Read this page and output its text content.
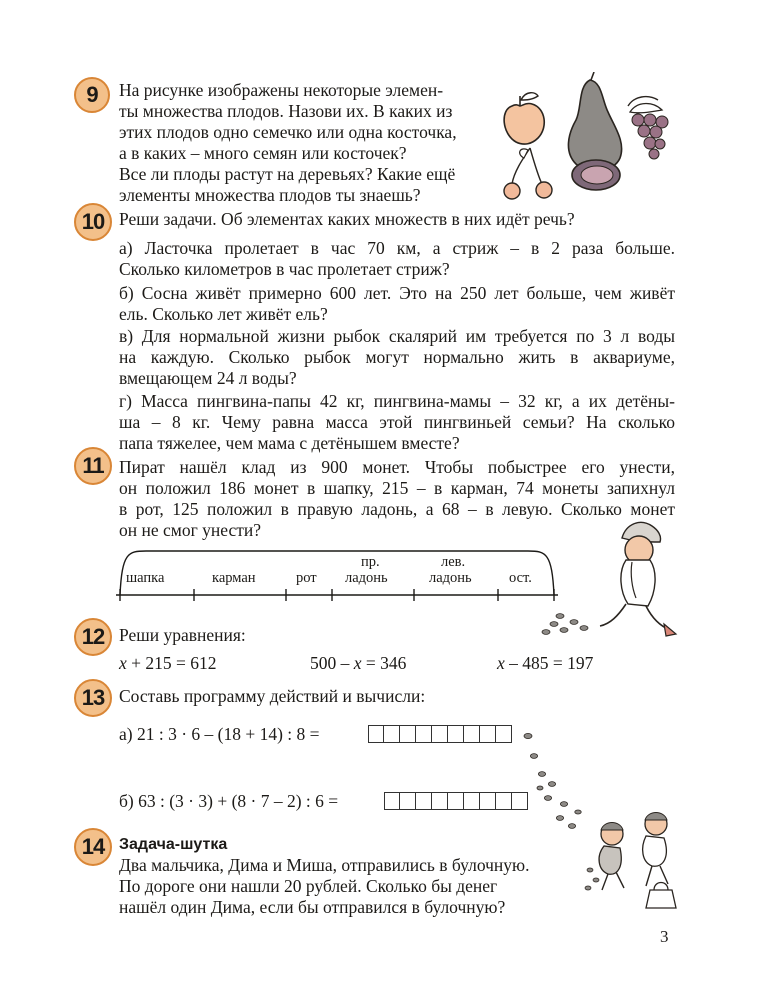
9	На рисунке изображены некоторые элемен-
ты множества плодов. Назови их. В каких из
этих плодов одно семечко или одна косточка,
а в каких – много семян или косточек?
Все ли плоды растут на деревьях? Какие ещё
элементы множества плодов ты знаешь?
10 Реши задачи. Об элементах каких множеств в них идёт речь?
а) Ласточка пролетает в час 70 км, а стриж – в 2 раза больше.
Сколько километров в час пролетает стриж?
б) Сосна живёт примерно 600 лет. Это на 250 лет больше, чем живёт
ель. Сколько лет живёт ель?
в) Для нормальной жизни рыбок скалярий им требуется по 3 л воды
на каждую. Сколько рыбок могут нормально жить в аквариуме,
вмещающем 24 л воды?
г) Масса пингвина-папы 42 кг, пингвина-мамы – 32 кг, а их детёны-
ша – 8 кг. Чему равна масса этой пингвиньей семьи? На сколько
папа тяжелее, чем мама с детёнышем вместе?
11 Пират нашёл клад из 900 монет. Чтобы побыстрее его унести,
он положил 186 монет в шапку, 215 – в карман, 74 монеты запихнул
в рот, 125 положил в правую ладонь, а 68 – в левую. Сколько монет
он не смог унести?
шапка	карман	рот
пр.
ладонь
лев.
ладонь	ост.
12 Реши уравнения:
x + 215 = 612	500 – x = 346	x – 485 = 197
13 Составь программу действий и вычисли:
а) 21 : 3 · 6 – (18 + 14) : 8 =
б) 63 : (3 · 3) + (8 · 7 – 2) : 6 =
14 Задача-шутка
Два мальчика, Дима и Миша, отправились в булочную.
По дороге они нашли 20 рублей. Сколько бы денег
нашёл один Дима, если бы отправился в булочную?
3
